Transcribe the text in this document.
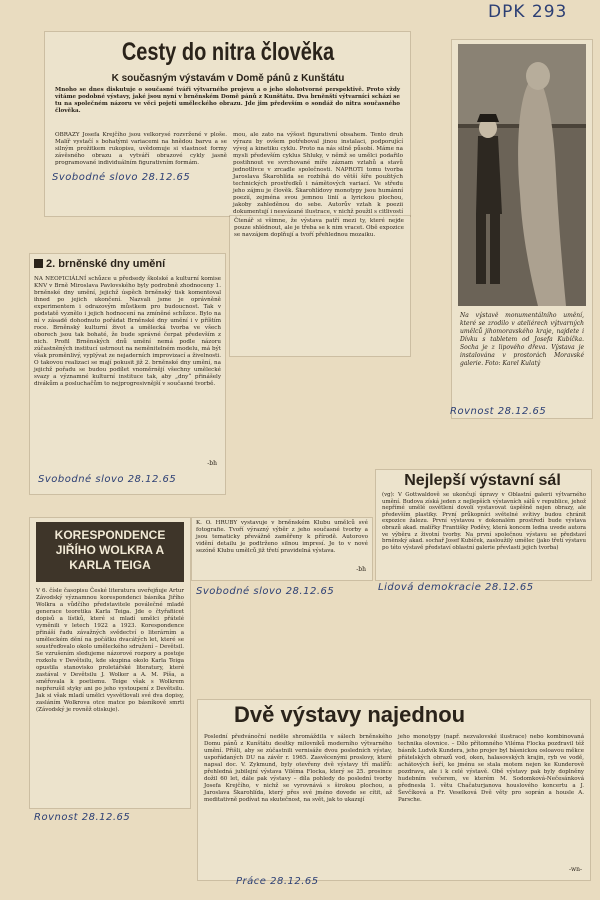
DPK 293
Cesty do nitra člověka
K současným výstavám v Domě pánů z Kunštátu

Mnoho se dnes diskutuje o současné tváři výtvarného projevu a o jeho slohotvorné perspektivě. Proto vždy vítáme podobné výstavy, jaké jsou nyní v brněnském Domě pánů z Kunštátu. Dva brněnští výtvarníci schází se tu na společném názoru ve věci pojetí uměleckého obrazu. Jde jim především o sondáž do nitra současného člověka.

OBRAZY Josefa Krejčího jsou velkorysé rozvržené v ploše. Malíř vystačí s bohatými variacemi na hnědou barvu a se silným prožitkem rukopisu, uvědomuje si vlastnost formy závěsného obrazu a vytváří obrazové cykly jasně programované individuálním figurativním formám.

mou, ale zato na výšost figurativní obsahem. Tento druh výrazu by ovšem potřeboval jinou instalaci, podporující vývoj a kinetiku cyklu. Proto na nás silně působí. Máme na mysli především cyklus Shluky, v němž se umělci podařilo postihnout ve svrchované míře záznam vztahů a stavů jednotlivce v zrcadle společnosti. NAPROTI tomu tvorba Jaroslava Škarohlída se rozbíhá do větší šíře použitých technických prostředků i námětových variací. Ve středu jeho zájmu je člověk. Škarohlídovy monotypy jsou humánní poezií, zejména svou jemnou linií a lyrickou plochou, jakoby zahleděnou do sebe. Autorův vztah k poezii dokumentují i nesvázané ilustrace, v nichž použil s citlivostí

Svobodné slovo 28.12.65

Čtenář si všimne, že výstava patří mezi ty, které nejde pouze shlédnout, ale je třeba se k nim vracet. Obě expozice se navzájem doplňují a tvoří přehlednou mozaiku.

2. brněnské dny umění

NA NEOFICIÁLNÍ schůzce u předsedy školské a kulturní komise KNV v Brně Miroslava Pavlovského byly podrobně zhodnoceny 1. brněnské dny umění, jejichž úspěch brněnský tisk komentoval ihned po jejich ukončení. Nazvali jsme je oprávněně experimentem i odrazovým můstkem pro budoucnost. Tak v podstatě vyznělo i jejich hodnocení na zmíněné schůzce. Bylo na ní v zásadě dohodnuto pořádat Brněnské dny umění i v příštím roce. Brněnský kulturní život a umělecká tvorba ve všech oborech jsou tak bohaté, že bude správné čerpat především z nich. Profil Brněnských dnů umění nemá podle názoru zúčastněných institucí ustrnout na neměnitelném modelu, má být však proměnlivý, vyplývat ze nejaderních improvizací a živelnosti. O takovou realizaci se mají pokusit již 2. brněnské dny umění, na jejichž pořadu se budou podílet vnoměrnějí všechny umělecké svazy a významné kulturní instituce tak, aby „dny“ přinášely divákům a posluchačům to nejprogresivnější v současné tvorbě.

-bh
Svobodné slovo 28.12.65

Na výstavě monumentálního umění, které se zrodilo v ateliérech výtvarných umělců jihomoravského kraje, najdete i Dívku s tabletem od Josefa Kubíčka. Socha je z lipového dřeva. Výstava je instalována v prostorách Moravské galerie. Foto: Karel Kulatý

Rovnost 28.12.65
Nejlepší výstavní sál

(vg): V Gottwaldově se ukončují úpravy v Oblastní galerii výtvarného umění. Budova získá jeden z nejlepších výstavních sálů v republice, jehož nepřímé umělé osvětlení dovolí vystavovat úspěšně nejen obrazy, ale především plastiky. První průkopníci světelné svítivy budou chránit expozice žalezu. První výstavou v dokonalém prostředí bude výstava obrazů akad. malířky Františky Poděvy, která koncem ledna uvede autora ve výběru z životní tvorby. Na první společnou výstavu se představí brněnský akad. sochař Josef Kubíček, zasloužilý umělec (jako třetí výstavu po této výstavě představí oblastní galerie převlasti jejich tvorba)

Lidová demokracie 28.12.65
KORESPONDENCE JIŘÍHO WOLKRA A KARLA TEIGA

V 6. čísle časopisu České literatura uveřejňuje Artur Závodský významnou korespondenci básníka Jiřího Wolkra a vůdčího představitele poválečné mladé generace teoretika Karla Teiga. Jde o čtyřafiicet dopisů a lístků, které si mladí umělci přátelé vyměnili v letech 1922 a 1923. Korespondence přináší řadu závažných svědectví o literárním a uměleckém dění na počátku dvacátých let, které se soustřeďovalo okolo uměleckého sdružení – Devětsil. Se vzrušením sledujeme názorové rozpory a postoje rozkolu v Devětsilu, kde skupina okolo Karla Teiga opustila stanovisko proletářské literatury, které zastával v Devětsilu J. Wolker a A. M. Píša, a směřovala k poetismu. Teige však s Wolkrem nepřerušil styky ani po jeho vystoupení z Devětsilu. Jak si však mladí umělci vysvětlovali své dva dopisy, zasláním Wolkrova otce matce po básníkově smrti (Závodský je rovněž otiskuje).

Rovnost 28.12.65

K. O. HRUBY vystavuje v brněnském Klubu umělců své fotografie. Tvoří výrazný výběr z jeho současné tvorby a jsou tematicky převážně zaměřeny k přírodě. Autorovo vidění detailu je podtrženo silnou impresí. Je to v nové sezóně Klubu umělců již třetí pravidelná výstava.

-bh
Svobodné slovo 28.12.65
Dvě výstavy najednou

Poslední předvánoční neděle shromáždila v sálech brněnského Domu pánů z Kunštátu desítky milovníků moderního výtvarného umění. Přišli, aby se zúčastnili vernisáže dvou posledních výstav, uspořádaných DU na závěr r. 1965. Zasvěcenými proslovy, které napsal doc. V. Zykmund, byly otevřeny dvě výstavy tří malířů: přehledná jubilejní výstava Viléma Flocka, který se 25. prosince dožil 60 let, dále pak výstavy – díla pohledy do poslední tvorby Josefa Krejčího, v nichž se vyrovnává s širokou plochou, a Jaroslava Škarohlída, který přes své jméno dovede se cítit, až meditativně podívat na skutečnost, na svět, jak to ukazují

jeho monotypy (např. nezvalovské ilustrace) nebo kombinovaná technika olovnice. – Dílo přítomného Viléma Flocka pozdravil též básník Ludvík Kundera, jeho projev byl básnickou osloavou měkce přátelských obrazů vod, oken, halasovských krajin, ryb ve vodě, achátových šeří, ke jménu se stala motem nejen ke Kunderově pozdravu, ale i k celé výstavě. Obě výstavy pak byly doplněny hudebním večerem, ve kterém M. Sodomková-Nečesánková přednesla 1. větu Chačaturjanova houslového koncertu a J. Ševčíková a Fr. Veselková Dvě věty pro soprán a housle A. Parsche.

-wn-
Práce 28.12.65
